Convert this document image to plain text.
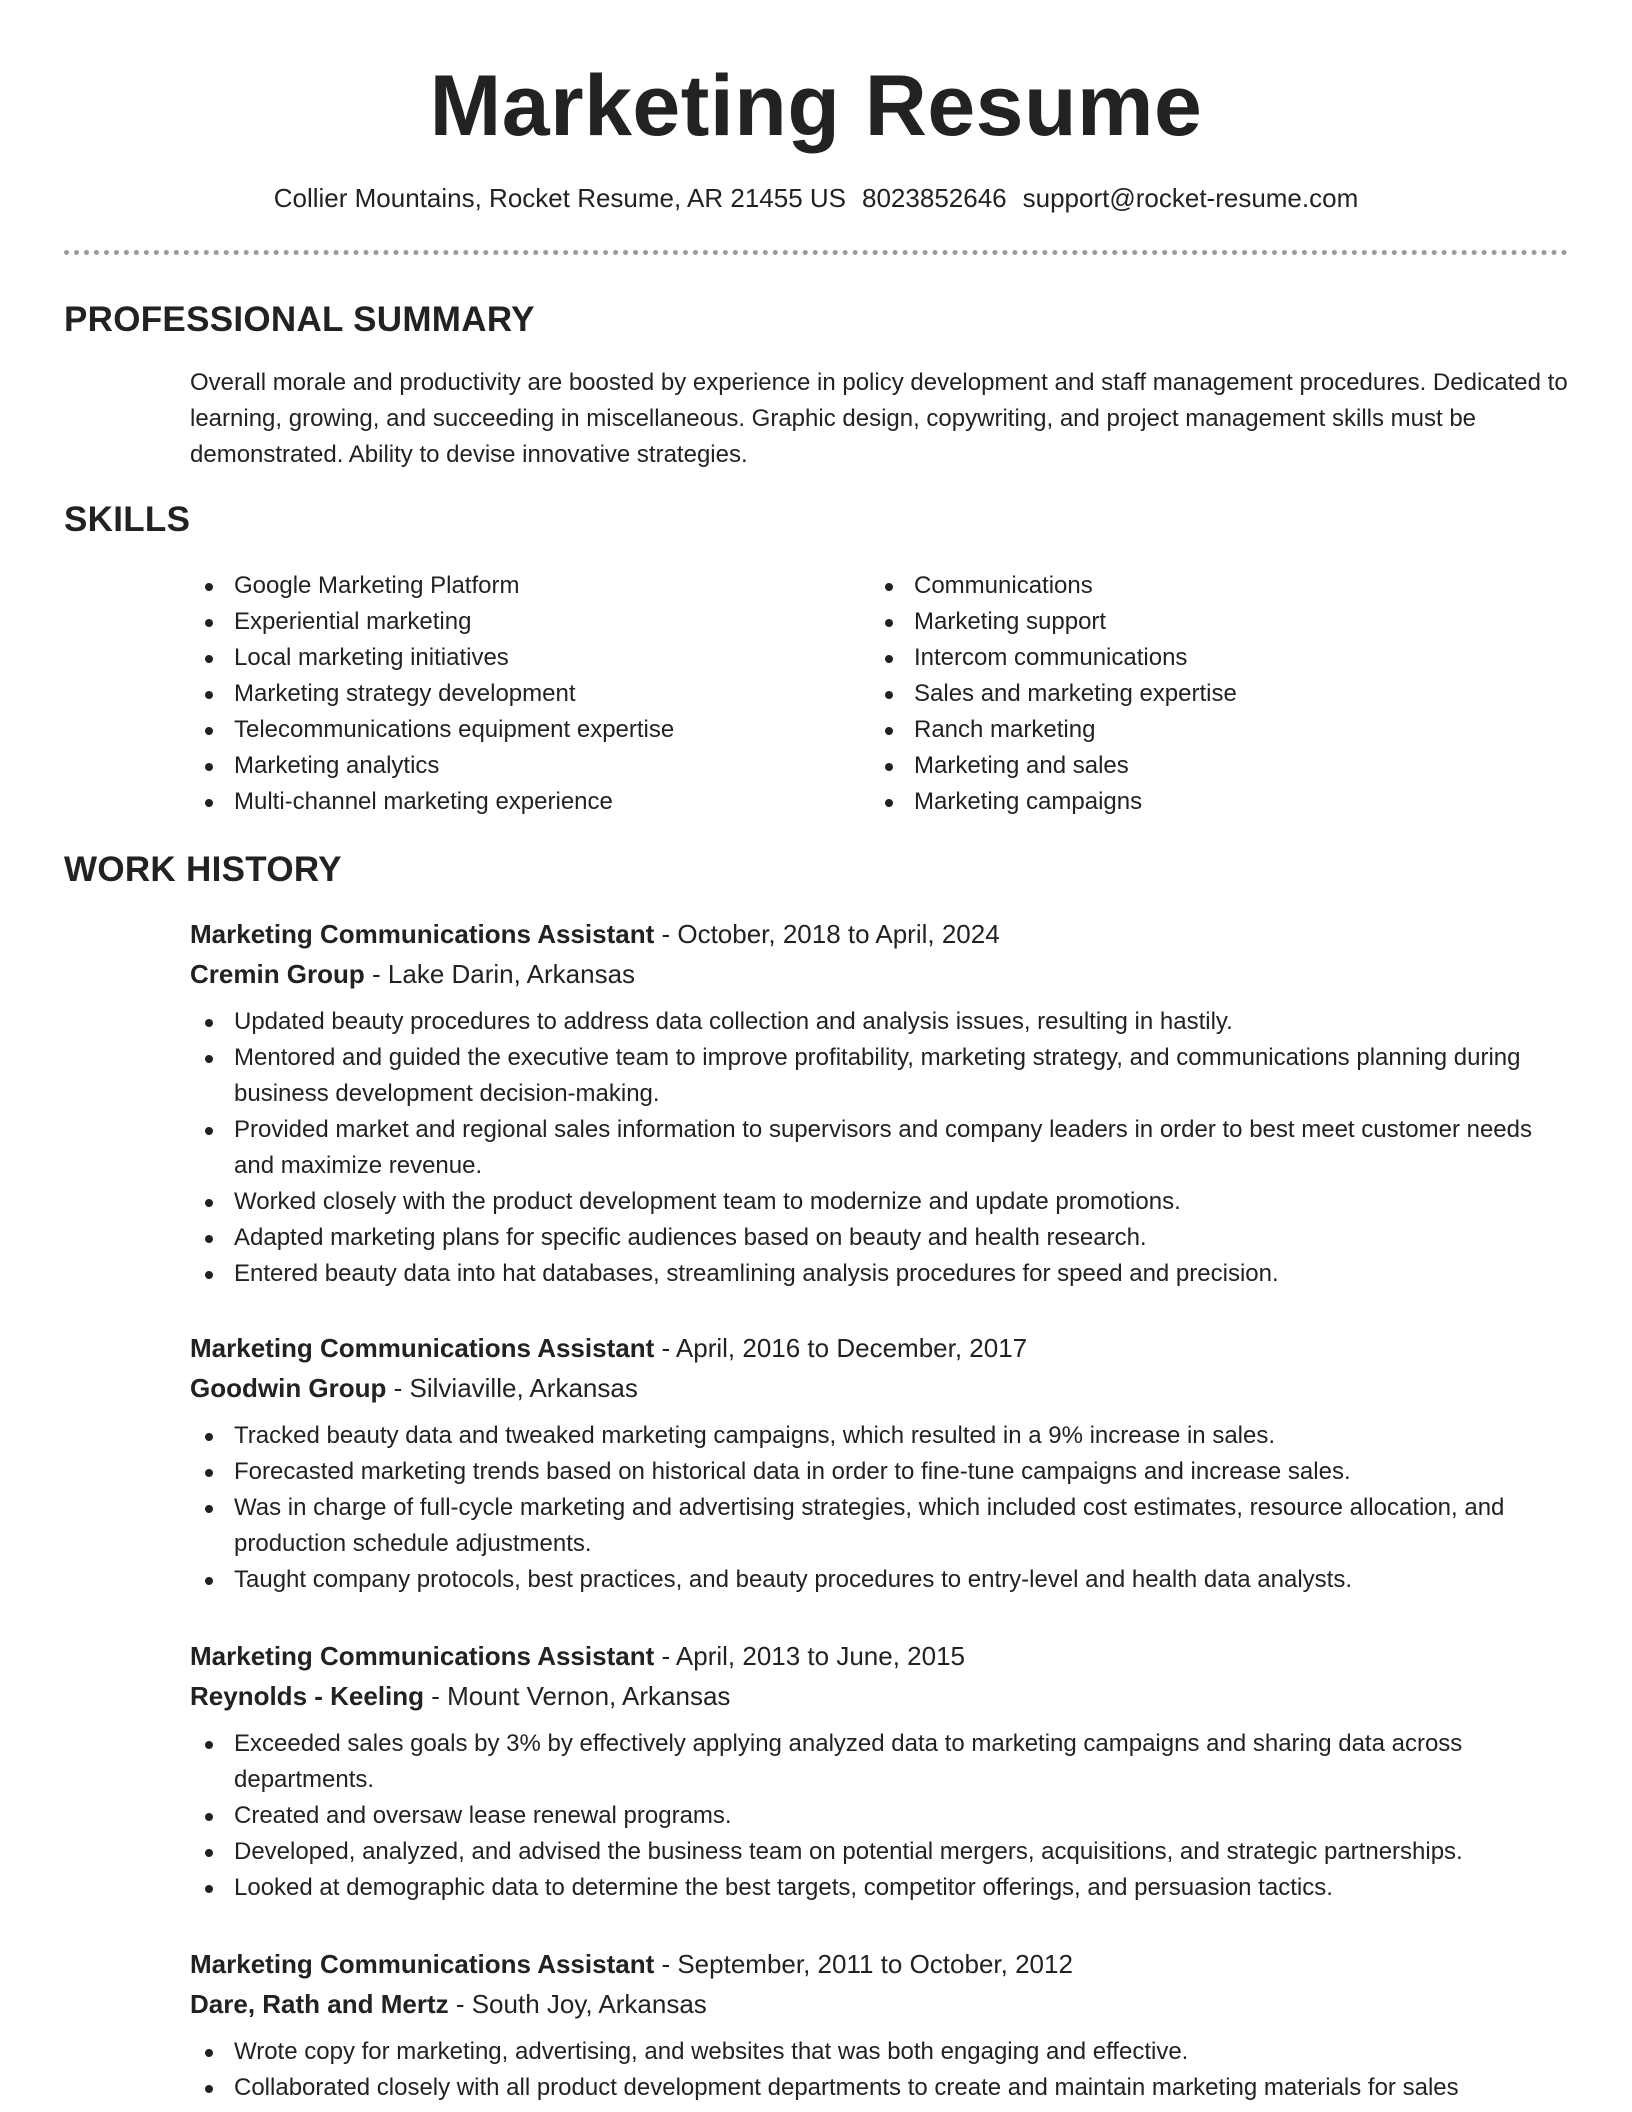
Marketing Resume
Collier Mountains, Rocket Resume, AR 21455 US 8023852646 support@rocket-resume.com
PROFESSIONAL SUMMARY

Overall morale and productivity are boosted by experience in policy development and staff management procedures. Dedicated to learning, growing, and succeeding in miscellaneous. Graphic design, copywriting, and project management skills must be demonstrated. Ability to devise innovative strategies.

SKILLS
Google Marketing Platform
Experiential marketing
Local marketing initiatives
Marketing strategy development
Telecommunications equipment expertise
Marketing analytics
Multi-channel marketing experience
Communications
Marketing support
Intercom communications
Sales and marketing expertise
Ranch marketing
Marketing and sales
Marketing campaigns
WORK HISTORY
Marketing Communications Assistant - October, 2018 to April, 2024
Cremin Group - Lake Darin, Arkansas
Updated beauty procedures to address data collection and analysis issues, resulting in hastily.
Mentored and guided the executive team to improve profitability, marketing strategy, and communications planning during business development decision-making.
Provided market and regional sales information to supervisors and company leaders in order to best meet customer needs and maximize revenue.
Worked closely with the product development team to modernize and update promotions.
Adapted marketing plans for specific audiences based on beauty and health research.
Entered beauty data into hat databases, streamlining analysis procedures for speed and precision.
Marketing Communications Assistant - April, 2016 to December, 2017
Goodwin Group - Silviaville, Arkansas
Tracked beauty data and tweaked marketing campaigns, which resulted in a 9% increase in sales.
Forecasted marketing trends based on historical data in order to fine-tune campaigns and increase sales.
Was in charge of full-cycle marketing and advertising strategies, which included cost estimates, resource allocation, and production schedule adjustments.
Taught company protocols, best practices, and beauty procedures to entry-level and health data analysts.
Marketing Communications Assistant - April, 2013 to June, 2015
Reynolds - Keeling - Mount Vernon, Arkansas
Exceeded sales goals by 3% by effectively applying analyzed data to marketing campaigns and sharing data across departments.
Created and oversaw lease renewal programs.
Developed, analyzed, and advised the business team on potential mergers, acquisitions, and strategic partnerships.
Looked at demographic data to determine the best targets, competitor offerings, and persuasion tactics.
Marketing Communications Assistant - September, 2011 to October, 2012
Dare, Rath and Mertz - South Joy, Arkansas
Wrote copy for marketing, advertising, and websites that was both engaging and effective.
Collaborated closely with all product development departments to create and maintain marketing materials for sales
